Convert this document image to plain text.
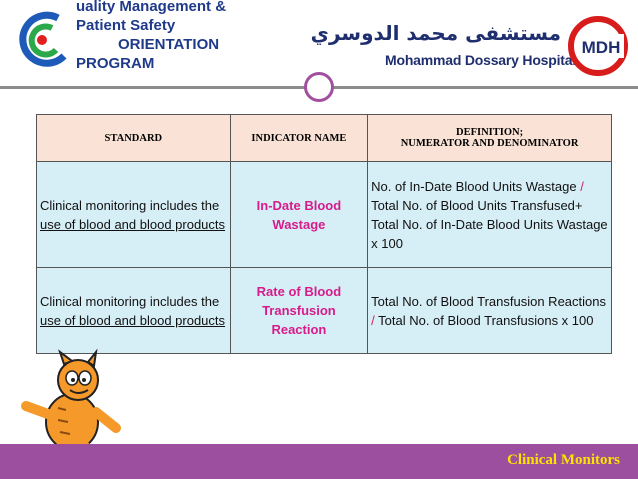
uality Management &
Patient Safety
ORIENTATION
PROGRAM
مستشفى محمد الدوسري
Mohammad Dossary Hospital
MDH
STANDARD	INDICATOR NAME	DEFINITION;
NUMERATOR AND DENOMINATOR

Clinical monitoring includes the use of blood and blood products	In-Date Blood Wastage	No. of In-Date Blood Units Wastage / Total No. of Blood Units Transfused+ Total No. of In-Date Blood Units Wastage x 100
Clinical monitoring includes the use of blood and blood products	Rate of Blood Transfusion Reaction	Total No. of Blood Transfusion Reactions / Total No. of Blood Transfusions x 100
Clinical Monitors
